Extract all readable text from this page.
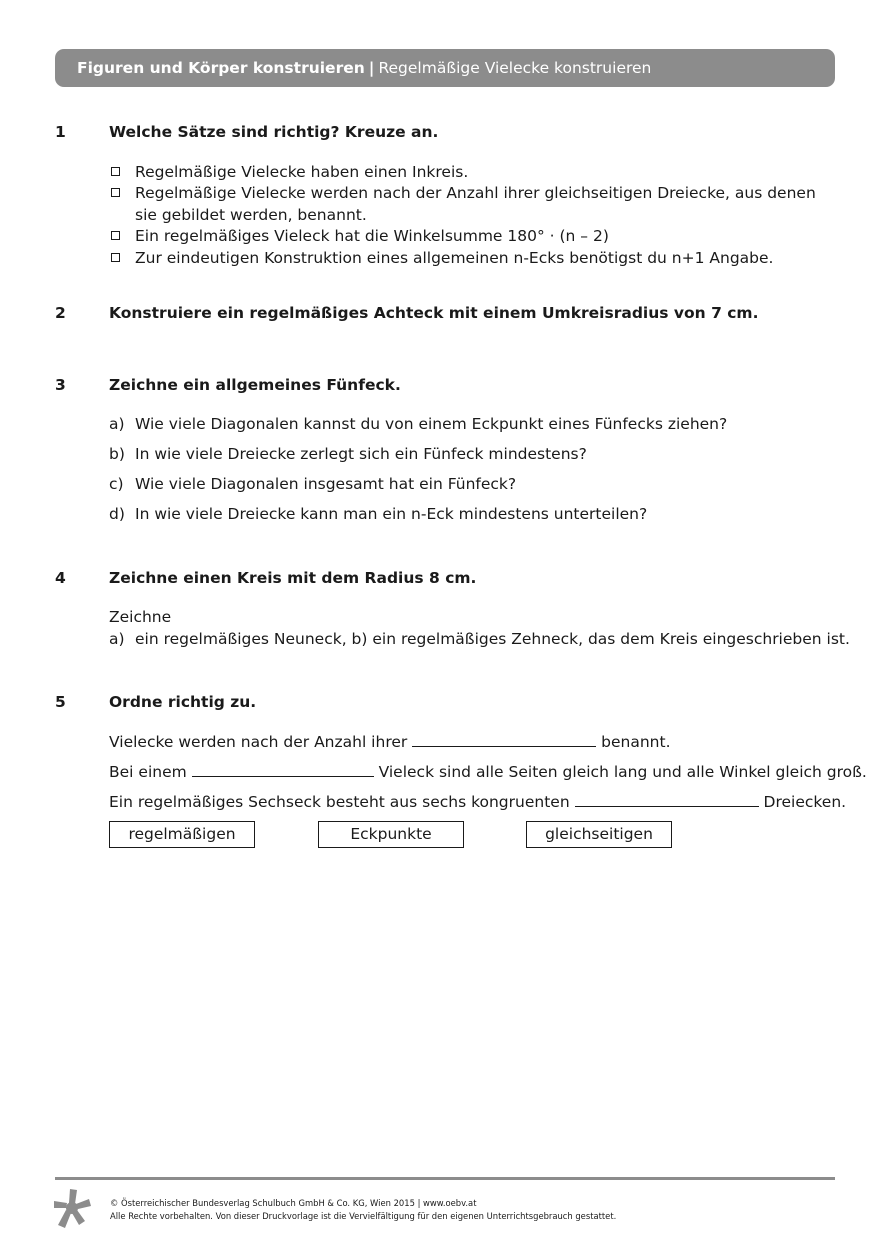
Figuren und Körper konstruieren | Regelmäßige Vielecke konstruieren
1	Welche Sätze sind richtig? Kreuze an.
Regelmäßige Vielecke haben einen Inkreis.
Regelmäßige Vielecke werden nach der Anzahl ihrer gleichseitigen Dreiecke, aus denen sie gebildet werden, benannt.
Ein regelmäßiges Vieleck hat die Winkelsumme 180° · (n – 2)
Zur eindeutigen Konstruktion eines allgemeinen n-Ecks benötigst du n+1 Angabe.
2	Konstruiere ein regelmäßiges Achteck mit einem Umkreisradius von 7 cm.
3	Zeichne ein allgemeines Fünfeck.
a) Wie viele Diagonalen kannst du von einem Eckpunkt eines Fünfecks ziehen?
b) In wie viele Dreiecke zerlegt sich ein Fünfeck mindestens?
c) Wie viele Diagonalen insgesamt hat ein Fünfeck?
d) In wie viele Dreiecke kann man ein n-Eck mindestens unterteilen?
4	Zeichne einen Kreis mit dem Radius 8 cm.
Zeichne
a) ein regelmäßiges Neuneck, b) ein regelmäßiges Zehneck, das dem Kreis eingeschrieben ist.
5	Ordne richtig zu.
Vielecke werden nach der Anzahl ihrer	benannt.
Bei einem	Vieleck sind alle Seiten gleich lang und alle Winkel gleich groß.
Ein regelmäßiges Sechseck besteht aus sechs kongruenten	Dreiecken.
regelmäßigen	Eckpunkte	gleichseitigen
© Österreichischer Bundesverlag Schulbuch GmbH & Co. KG, Wien 2015 | www.oebv.at
Alle Rechte vorbehalten. Von dieser Druckvorlage ist die Vervielfältigung für den eigenen Unterrichtsgebrauch gestattet.
